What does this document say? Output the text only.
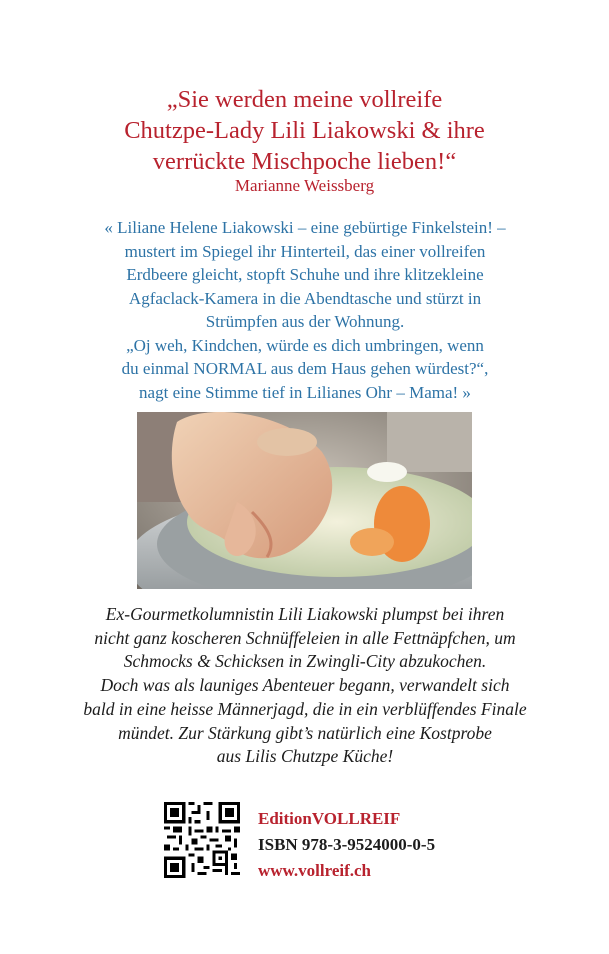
„Sie werden meine vollreife
Chutzpe-Lady Lili Liakowski & ihre
verrückte Mischpoche lieben!“
Marianne Weissberg
« Liliane Helene Liakowski – eine gebürtige Finkelstein! –
mustert im Spiegel ihr Hinterteil, das einer vollreifen
Erdbeere gleicht, stopft Schuhe und ihre klitzekleine
Agfaclack-Kamera in die Abendtasche und stürzt in
Strümpfen aus der Wohnung.
„Oj weh, Kindchen, würde es dich umbringen, wenn
du einmal NORMAL aus dem Haus gehen würdest?“,
nagt eine Stimme tief in Lilianes Ohr – Mama! »
Ex-Gourmetkolumnistin Lili Liakowski plumpst bei ihren
nicht ganz koscheren Schnüffeleien in alle Fettnäpfchen, um
Schmocks & Schicksen in Zwingli-City abzukochen.
Doch was als launiges Abenteuer begann, verwandelt sich
bald in eine heisse Männerjagd, die in ein verblüffendes Finale
mündet. Zur Stärkung gibt’s natürlich eine Kostprobe
aus Lilis Chutzpe Küche!
EditionVOLLREIF
ISBN 978-3-9524000-0-5
www.vollreif.ch
